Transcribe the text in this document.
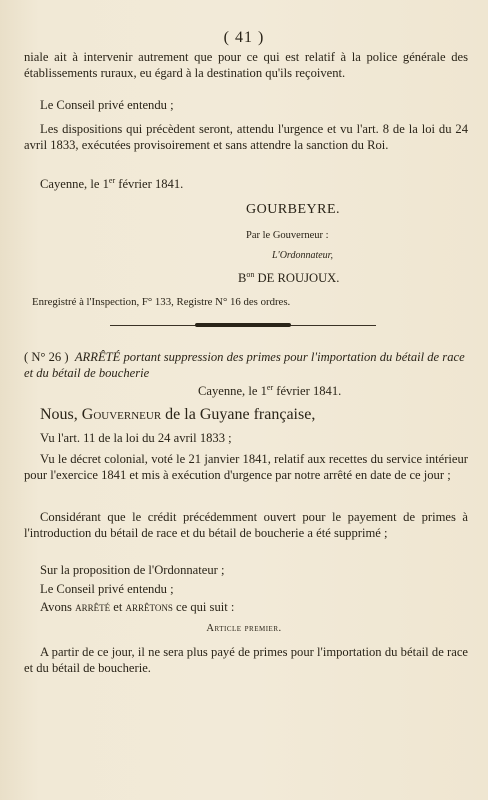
( 41 )
niale ait à intervenir autrement que pour ce qui est relatif à la police générale des établissements ruraux, eu égard à la destination qu'ils reçoivent.
Le Conseil privé entendu ;
Les dispositions qui précèdent seront, attendu l'urgence et vu l'art. 8 de la loi du 24 avril 1833, exécutées provisoirement et sans attendre la sanction du Roi.
Cayenne, le 1er février 1841.
GOURBEYRE.
Par le Gouverneur :
L'Ordonnateur,
$B^{on}$ DE ROUJOUX.
Enregistré à l'Inspection, F° 133, Registre N° 16 des ordres.
( N° 26 ) ARRÊTÉ portant suppression des primes pour l'importation du bétail de race et du bétail de boucherie
Cayenne, le 1er février 1841.
Nous, Gouverneur de la Guyane française,
Vu l'art. 11 de la loi du 24 avril 1833 ;
Vu le décret colonial, voté le 21 janvier 1841, relatif aux recettes du service intérieur pour l'exercice 1841 et mis à exécution d'urgence par notre arrêté en date de ce jour ;
Considérant que le crédit précédemment ouvert pour le payement de primes à l'introduction du bétail de race et du bétail de boucherie a été supprimé ;
Sur la proposition de l'Ordonnateur ;
Le Conseil privé entendu ;
Avons arrêté et arrêtons ce qui suit :
Article premier.
A partir de ce jour, il ne sera plus payé de primes pour l'importation du bétail de race et du bétail de boucherie.
